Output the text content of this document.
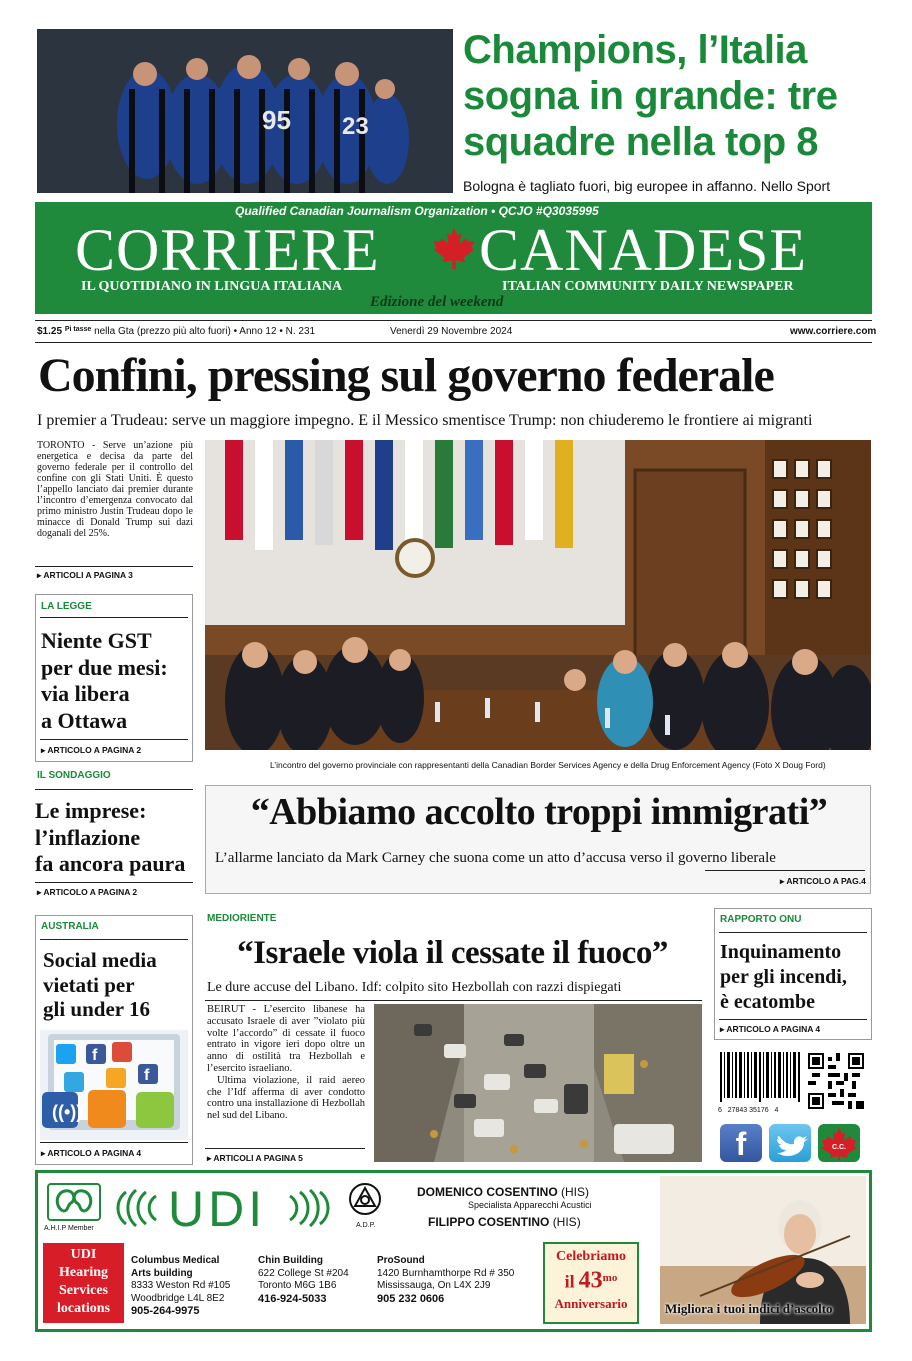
95 23
Champions, l’Italia
sogna in grande: tre
squadre nella top 8
Bologna è tagliato fuori, big europee in affanno. Nello Sport
Qualified Canadian Journalism Organization • QCJO #Q3035995
CORRIERE CANADESE
IL QUOTIDIANO IN LINGUA ITALIANA	ITALIAN COMMUNITY DAILY NEWSPAPER
Edizione del weekend
$1.25 $^{Pi tasse}$ nella Gta (prezzo più alto fuori) • Anno 12 • N. 231	Venerdì 29 Novembre 2024	www.corriere.com
Confini, pressing sul governo federale
I premier a Trudeau: serve un maggiore impegno. E il Messico smentisce Trump: non chiuderemo le frontiere ai migranti
TORONTO - Serve un’azione più energetica e decisa da parte del governo federale per il controllo del confine con gli Stati Uniti. È questo l’appello lanciato dai premier durante l’incontro d’emergenza convocato dal primo ministro Justin Trudeau dopo le minacce di Donald Trump sui dazi doganali del 25%.
▸ ARTICOLI A PAGINA 3
L’incontro del governo provinciale con rappresentanti della Canadian Border Services Agency e della Drug Enforcement Agency (Foto X Doug Ford)
LA LEGGE
Niente GST
per due mesi:
via libera
a Ottawa
▸ ARTICOLO A PAGINA 2
IL SONDAGGIO
Le imprese:
l’inflazione
fa ancora paura
▸ ARTICOLO A PAGINA 2
“Abbiamo accolto troppi immigrati”
L’allarme lanciato da Mark Carney che suona come un atto d’accusa verso il governo liberale
▸ ARTICOLO A PAG.4
AUSTRALIA
Social media
vietati per
gli under 16
f
f
((•))
▸ ARTICOLO A PAGINA 4
MEDIORIENTE
“Israele viola il cessate il fuoco”
Le dure accuse del Libano. Idf: colpito sito Hezbollah con razzi dispiegati
BEIRUT - L’esercito libanese ha accusato Israele di aver ”violato più volte l’accordo” di cessate il fuoco entrato in vigore ieri dopo oltre un anno di ostilità tra Hezbollah e l’esercito israeliano.
Ultima violazione, il raid aereo che l’Idf afferma di aver condotto contro una installazione di Hezbollah nel sud del Libano.
▸ ARTICOLI A PAGINA 5
RAPPORTO ONU
Inquinamento
per gli incendi,
è ecatombe
▸ ARTICOLO A PAGINA 4
6   27843 35176   4
f	C.C.
A.H.I.P Member UDI	A.D.P.
DOMENICO COSENTINO (HIS)
Specialista Apparecchi Acustici
FILIPPO COSENTINO (HIS)
UDI
Hearing
Services
locations
Columbus Medical
Arts building
8333 Weston Rd #105
Woodbridge L4L 8E2
905-264-9975
Chin Building
622 College St #204
Toronto M6G 1B6
416-924-5033
ProSound
1420 Burnhamthorpe Rd # 350
Mississauga, On L4X 2J9
905 232 0606
Celebriamo
il $43^{mo}$
Anniversario	Migliora i tuoi indici d’ascolto
